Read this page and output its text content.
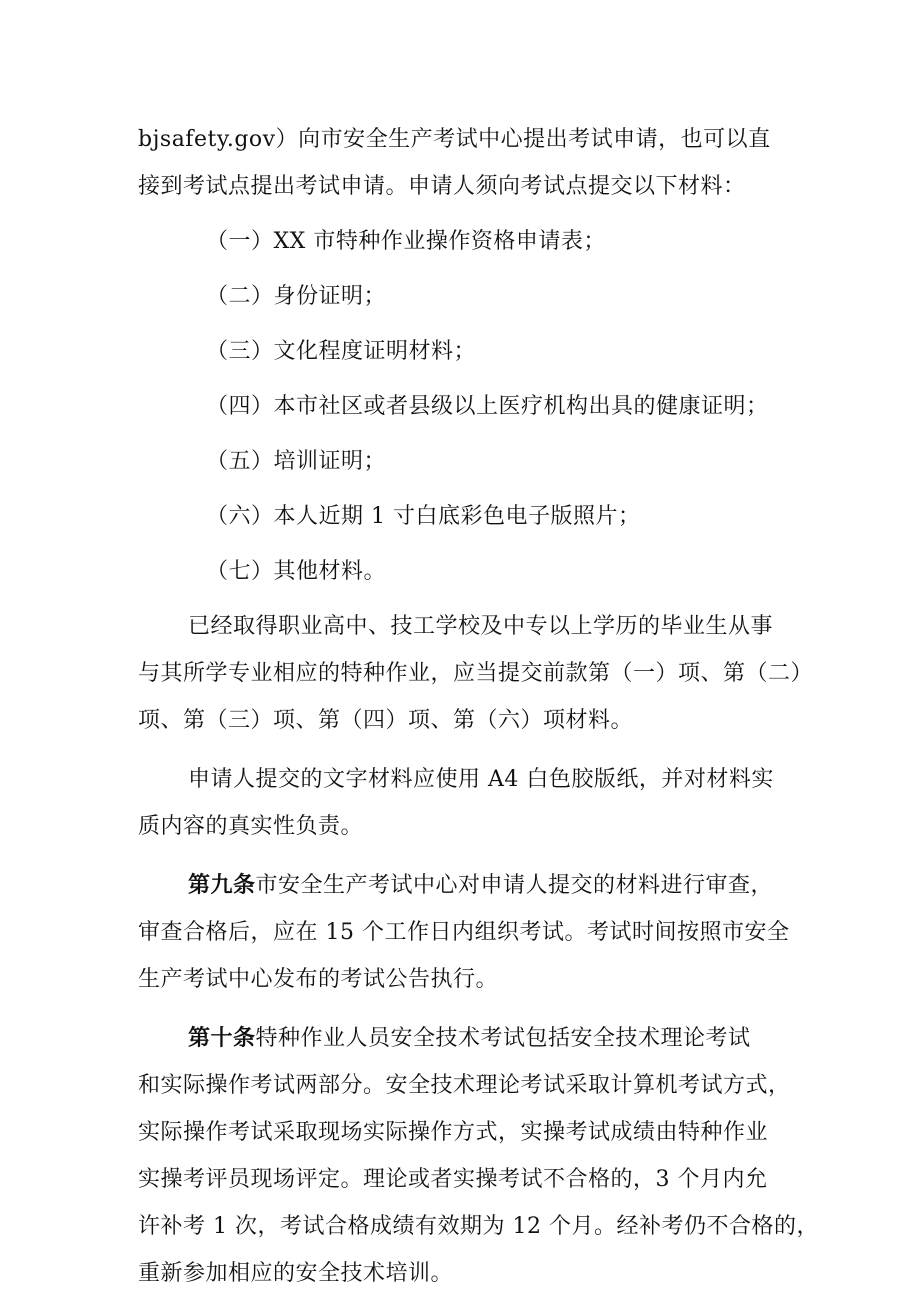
bjsafety.gov）向市安全生产考试中心提出考试申请，也可以直
接到考试点提出考试申请。申请人须向考试点提交以下材料：
（一）XX 市特种作业操作资格申请表；
（二）身份证明；
（三）文化程度证明材料；
（四）本市社区或者县级以上医疗机构出具的健康证明；
（五）培训证明；
（六）本人近期 1 寸白底彩色电子版照片；
（七）其他材料。
已经取得职业高中、技工学校及中专以上学历的毕业生从事
与其所学专业相应的特种作业，应当提交前款第（一）项、第（二）
项、第（三）项、第（四）项、第（六）项材料。
申请人提交的文字材料应使用 A4 白色胶版纸，并对材料实
质内容的真实性负责。
第九条市安全生产考试中心对申请人提交的材料进行审查，
审查合格后，应在 15 个工作日内组织考试。考试时间按照市安全
生产考试中心发布的考试公告执行。
第十条特种作业人员安全技术考试包括安全技术理论考试
和实际操作考试两部分。安全技术理论考试采取计算机考试方式，
实际操作考试采取现场实际操作方式，实操考试成绩由特种作业
实操考评员现场评定。理论或者实操考试不合格的，3 个月内允
许补考 1 次，考试合格成绩有效期为 12 个月。经补考仍不合格的，
重新参加相应的安全技术培训。
